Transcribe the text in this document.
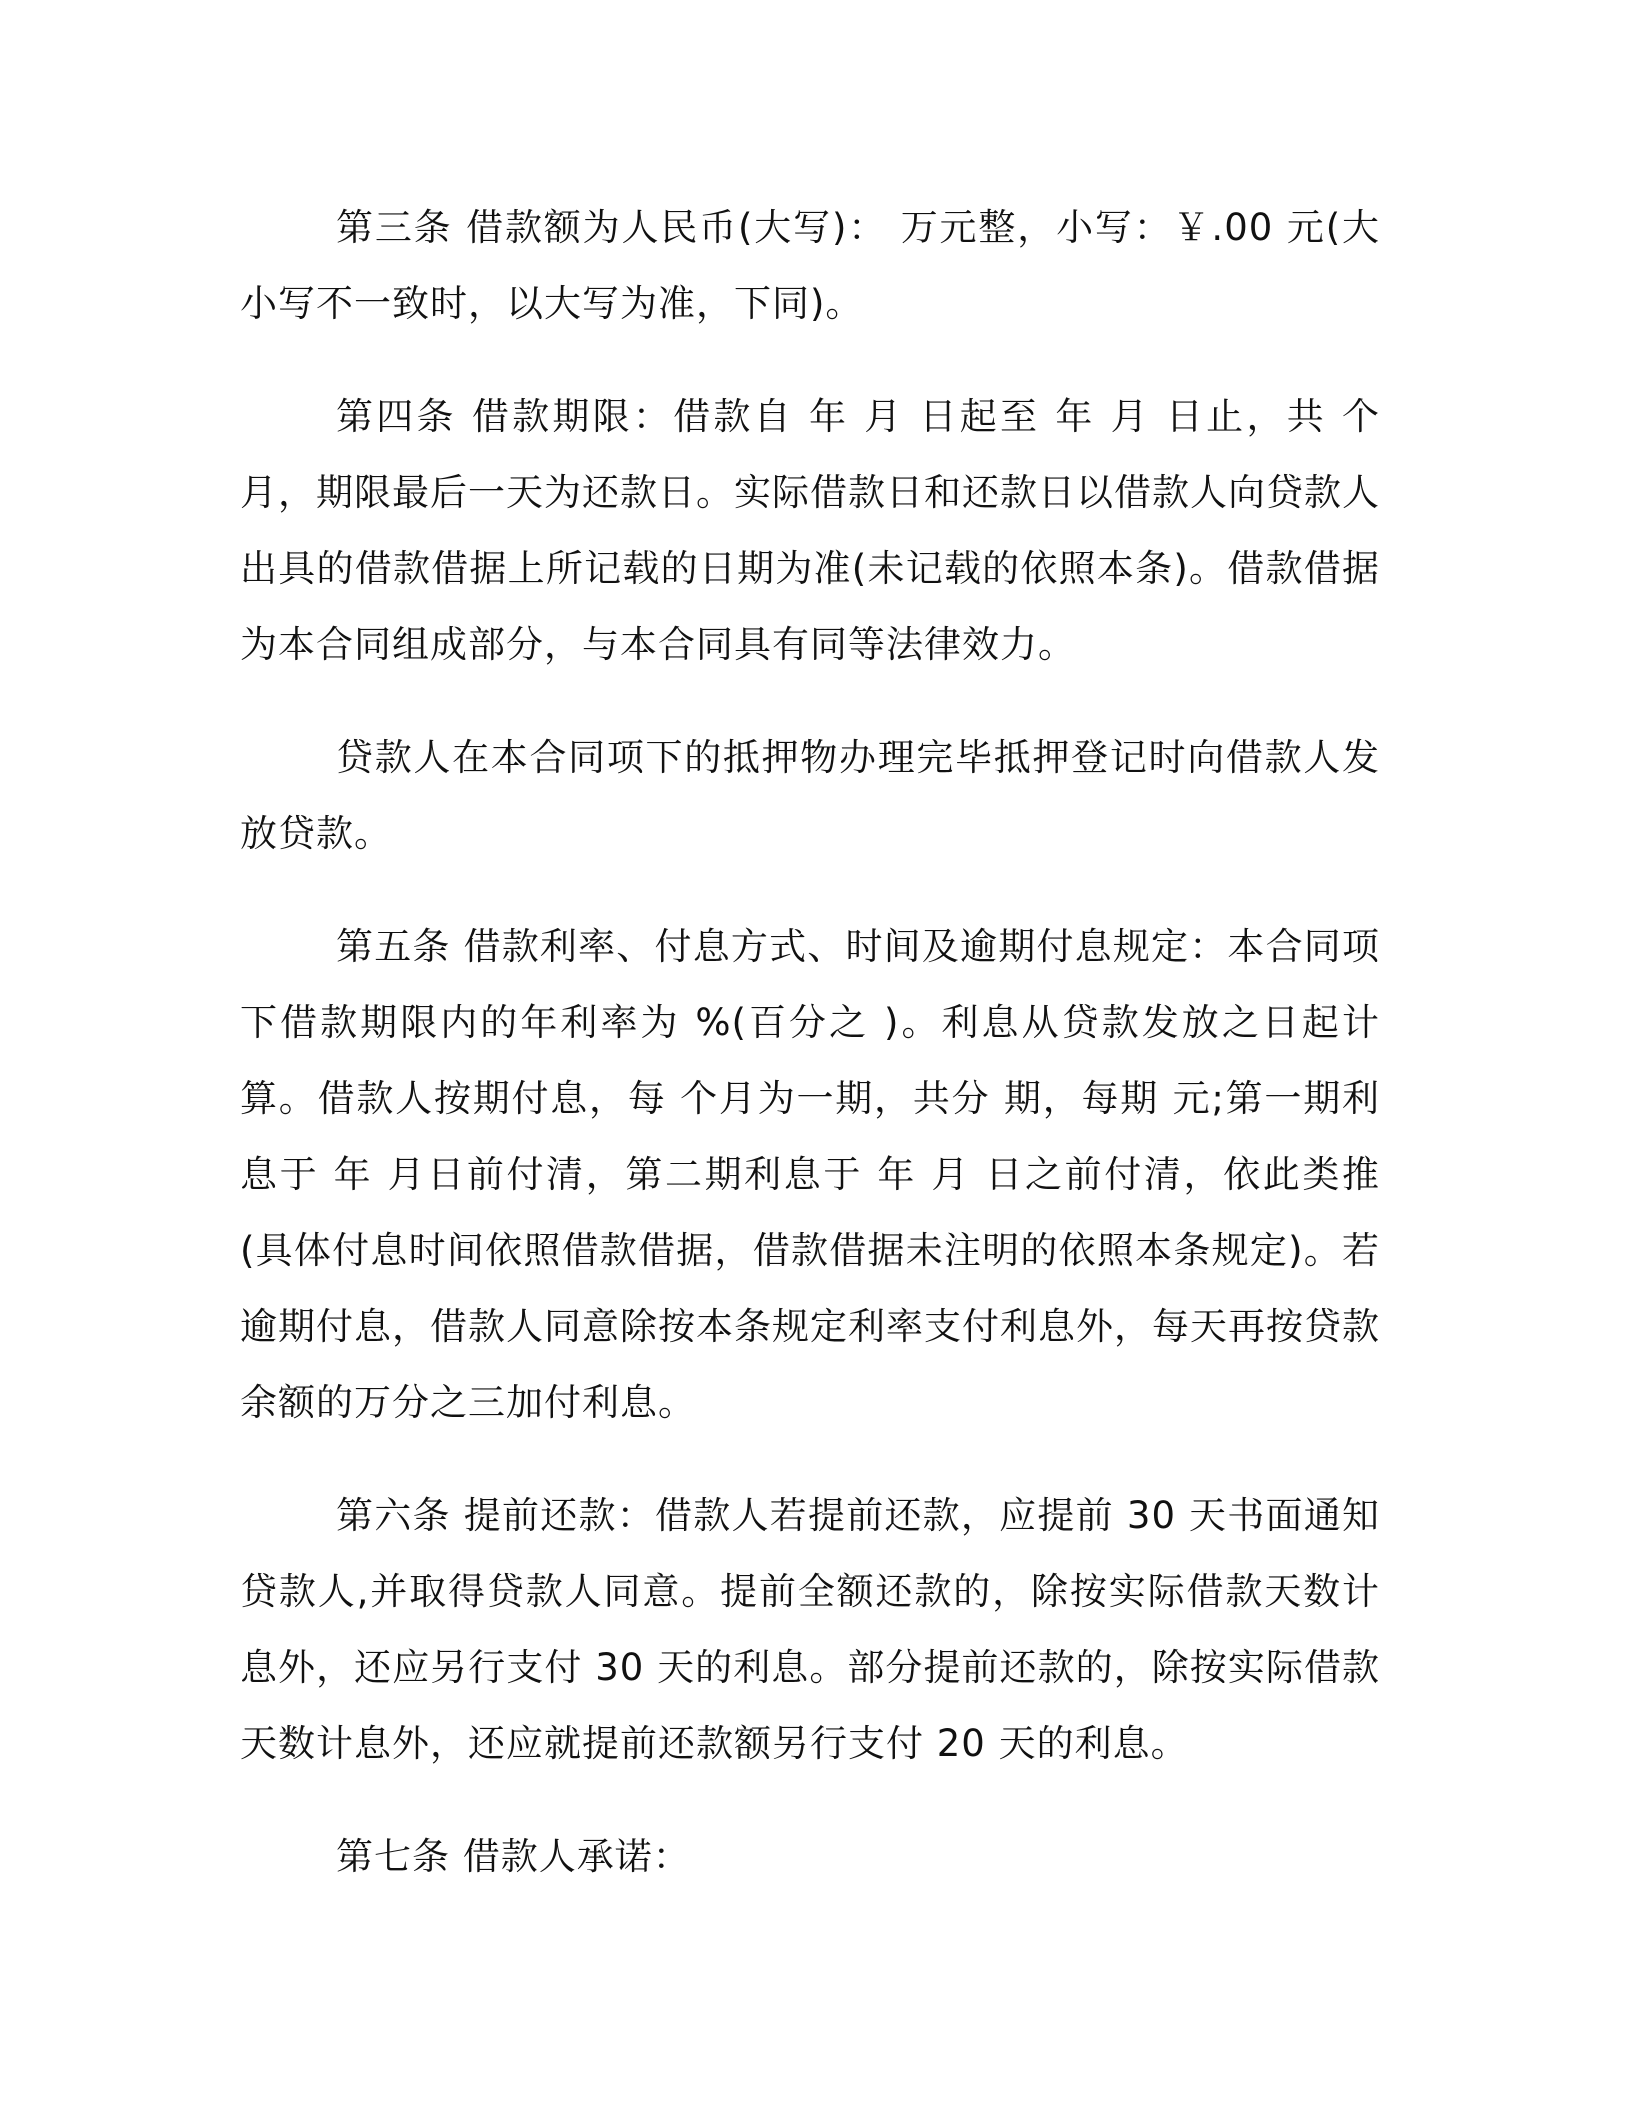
第三条 借款额为人民币(大写)： 万元整，小写：￥.00 元(大小写不一致时，以大写为准，下同)。

第四条 借款期限：借款自 年 月 日起至 年 月 日止，共 个月，期限最后一天为还款日。实际借款日和还款日以借款人向贷款人出具的借款借据上所记载的日期为准(未记载的依照本条)。借款借据为本合同组成部分，与本合同具有同等法律效力。

贷款人在本合同项下的抵押物办理完毕抵押登记时向借款人发放贷款。

第五条 借款利率、付息方式、时间及逾期付息规定：本合同项下借款期限内的年利率为 %(百分之 )。利息从贷款发放之日起计算。借款人按期付息，每 个月为一期，共分 期，每期 元;第一期利息于 年 月日前付清，第二期利息于 年 月 日之前付清，依此类推(具体付息时间依照借款借据，借款借据未注明的依照本条规定)。若逾期付息，借款人同意除按本条规定利率支付利息外，每天再按贷款余额的万分之三加付利息。

第六条 提前还款：借款人若提前还款，应提前 30 天书面通知贷款人,并取得贷款人同意。提前全额还款的，除按实际借款天数计息外，还应另行支付 30 天的利息。部分提前还款的，除按实际借款天数计息外，还应就提前还款额另行支付 20 天的利息。

第七条 借款人承诺：
